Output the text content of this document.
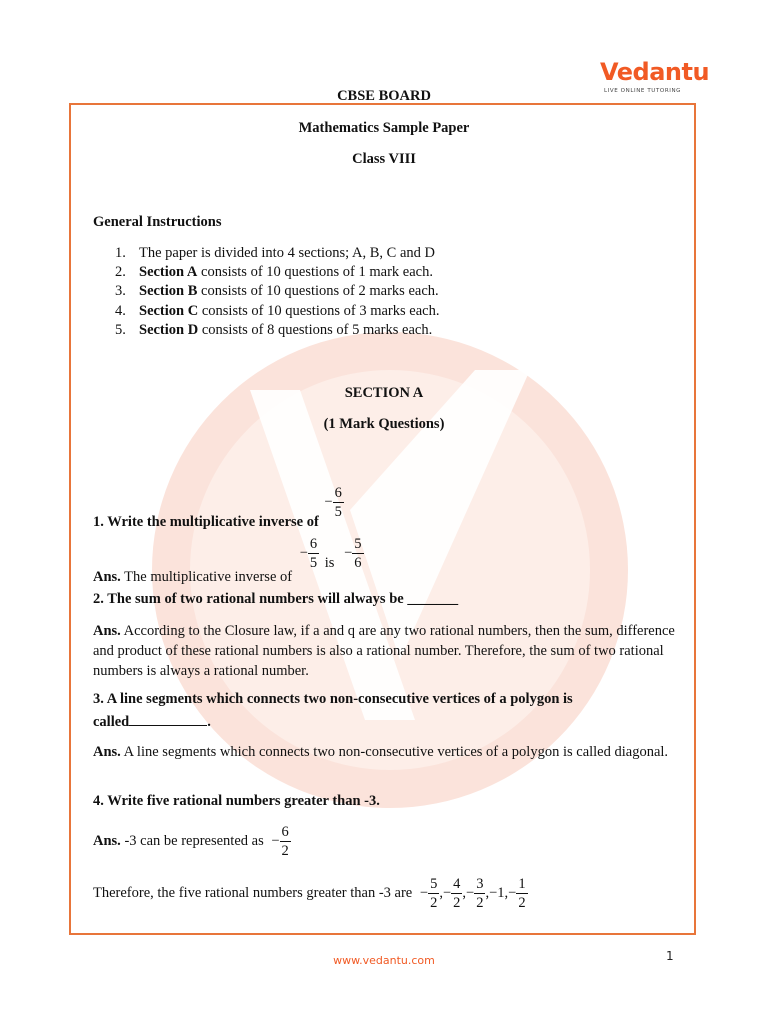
Vedantu
LIVE ONLINE TUTORING
CBSE BOARD
Mathematics Sample Paper
Class VIII
General Instructions
1. The paper is divided into 4 sections; A, B, C and D
2. Section A consists of 10 questions of 1 mark each.
3. Section B consists of 10 questions of 2 marks each.
4. Section C consists of 10 questions of 3 marks each.
5. Section D consists of 8 questions of 5 marks each.
SECTION A
(1 Mark Questions)
1. Write the multiplicative inverse of − $\frac{6}{5}$
Ans. The multiplicative inverse of − $\frac{6}{5}$ is − $\frac{5}{6}$
2. The sum of two rational numbers will always be _______
Ans. According to the Closure law, if a and q are any two rational numbers, then the sum, difference and product of these rational numbers is also a rational number. Therefore, the sum of two rational numbers is always a rational number.
3. A line segments which connects two non-consecutive vertices of a polygon is
called	.
Ans. A line segments which connects two non-consecutive vertices of a polygon is called diagonal.
4. Write five rational numbers greater than -3.
Ans. -3 can be represented as − $\frac{6}{2}$
Therefore, the five rational numbers greater than -3 are − $\frac{5}{2}$ ,− $\frac{4}{2}$ ,− $\frac{3}{2} ,-1,- \frac{1}{2}$
www.vedantu.com	1
